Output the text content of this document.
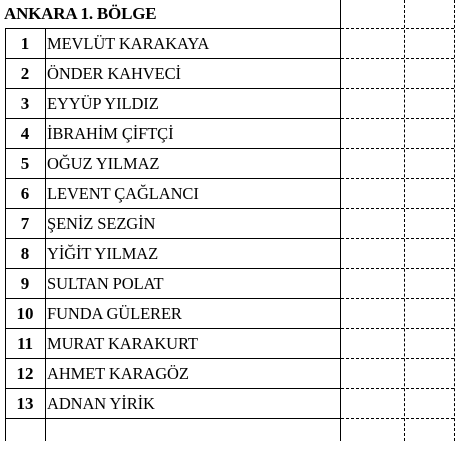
ANKARA 1. BÖLGE
1	MEVLÜT KARAKAYA
2	ÖNDER KAHVECİ
3	EYYÜP YILDIZ
4	İBRAHİM ÇİFTÇİ
5	OĞUZ YILMAZ
6	LEVENT ÇAĞLANCI
7	ŞENİZ SEZGİN
8	YİĞİT YILMAZ
9	SULTAN POLAT
10 FUNDA GÜLERER
11 MURAT KARAKURT
12 AHMET KARAGÖZ
13 ADNAN YİRİK
